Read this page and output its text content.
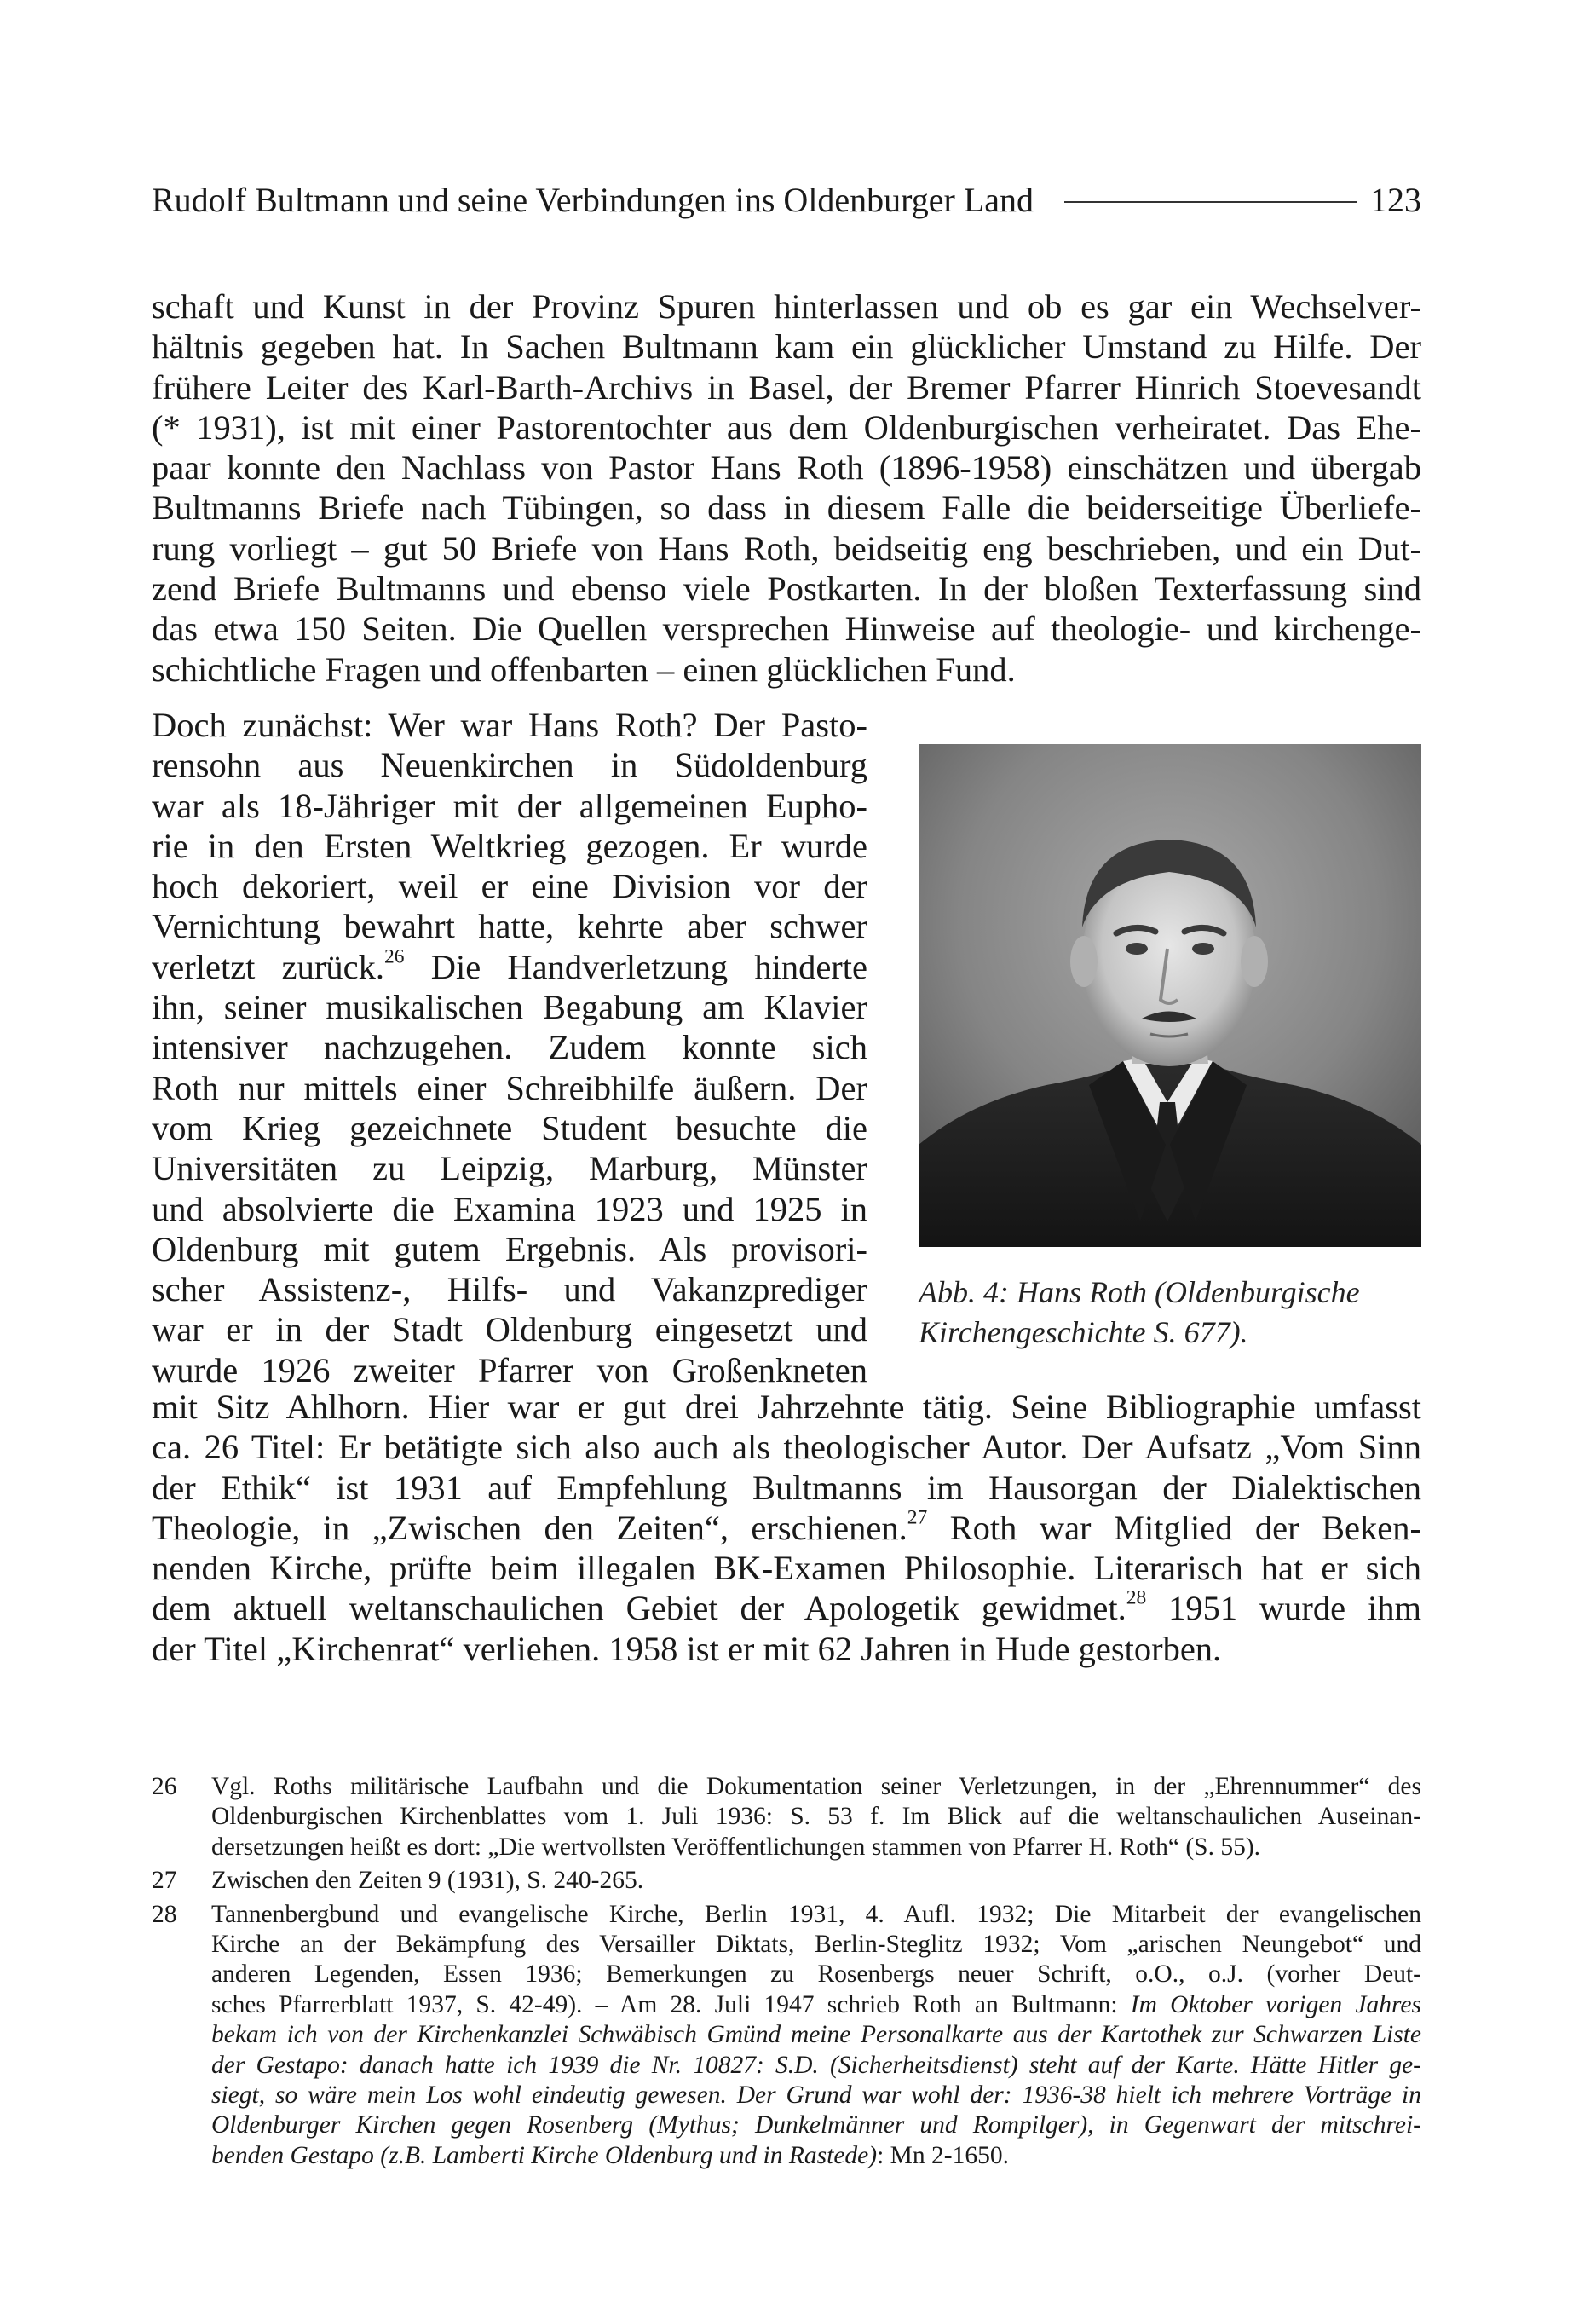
Rudolf Bultmann und seine Verbindungen ins Oldenburger Land	123
schaft und Kunst in der Provinz Spuren hinterlassen und ob es gar ein Wechselver-
hältnis gegeben hat. In Sachen Bultmann kam ein glücklicher Umstand zu Hilfe. Der
frühere Leiter des Karl-Barth-Archivs in Basel, der Bremer Pfarrer Hinrich Stoevesandt
(* 1931), ist mit einer Pastorentochter aus dem Oldenburgischen verheiratet. Das Ehe-
paar konnte den Nachlass von Pastor Hans Roth (1896-1958) einschätzen und übergab
Bultmanns Briefe nach Tübingen, so dass in diesem Falle die beiderseitige Überliefe-
rung vorliegt – gut 50 Briefe von Hans Roth, beidseitig eng beschrieben, und ein Dut-
zend Briefe Bultmanns und ebenso viele Postkarten. In der bloßen Texterfassung sind
das etwa 150 Seiten. Die Quellen versprechen Hinweise auf theologie- und kirchenge-
schichtliche Fragen und offenbarten – einen glücklichen Fund.
Doch zunächst: Wer war Hans Roth? Der Pasto-
rensohn aus Neuenkirchen in Südoldenburg
war als 18-Jähriger mit der allgemeinen Eupho-
rie in den Ersten Weltkrieg gezogen. Er wurde
hoch dekoriert, weil er eine Division vor der
Vernichtung bewahrt hatte, kehrte aber schwer
verletzt zurück.$^{26}$ Die Handverletzung hinderte
ihn, seiner musikalischen Begabung am Klavier
intensiver nachzugehen. Zudem konnte sich
Roth nur mittels einer Schreibhilfe äußern. Der
vom Krieg gezeichnete Student besuchte die
Universitäten zu Leipzig, Marburg, Münster
und absolvierte die Examina 1923 und 1925 in
Oldenburg mit gutem Ergebnis. Als provisori-
scher Assistenz-, Hilfs- und Vakanzprediger
war er in der Stadt Oldenburg eingesetzt und
wurde 1926 zweiter Pfarrer von Großenkneten
Abb. 4: Hans Roth (Oldenburgische
Kirchengeschichte S. 677).
mit Sitz Ahlhorn. Hier war er gut drei Jahrzehnte tätig. Seine Bibliographie umfasst
ca. 26 Titel: Er betätigte sich also auch als theologischer Autor. Der Aufsatz „Vom Sinn
der Ethik“ ist 1931 auf Empfehlung Bultmanns im Hausorgan der Dialektischen
Theologie, in „Zwischen den Zeiten“, erschienen.$^{27}$ Roth war Mitglied der Beken-
nenden Kirche, prüfte beim illegalen BK-Examen Philosophie. Literarisch hat er sich
dem aktuell weltanschaulichen Gebiet der Apologetik gewidmet.$^{28}$ 1951 wurde ihm
der Titel „Kirchenrat“ verliehen. 1958 ist er mit 62 Jahren in Hude gestorben.
26 Vgl. Roths militärische Laufbahn und die Dokumentation seiner Verletzungen, in der „Ehrennummer“ des
Oldenburgischen Kirchenblattes vom 1. Juli 1936: S. 53 f. Im Blick auf die weltanschaulichen Auseinan-
dersetzungen heißt es dort: „Die wertvollsten Veröffentlichungen stammen von Pfarrer H. Roth“ (S. 55).
27 Zwischen den Zeiten 9 (1931), S. 240-265.
28 Tannenbergbund und evangelische Kirche, Berlin 1931, 4. Aufl. 1932; Die Mitarbeit der evangelischen
Kirche an der Bekämpfung des Versailler Diktats, Berlin-Steglitz 1932; Vom „arischen Neungebot“ und
anderen Legenden, Essen 1936; Bemerkungen zu Rosenbergs neuer Schrift, o.O., o.J. (vorher Deut-
sches Pfarrerblatt 1937, S. 42-49). – Am 28. Juli 1947 schrieb Roth an Bultmann: Im Oktober vorigen Jahres
bekam ich von der Kirchenkanzlei Schwäbisch Gmünd meine Personalkarte aus der Kartothek zur Schwarzen Liste
der Gestapo: danach hatte ich 1939 die Nr. 10827: S.D. (Sicherheitsdienst) steht auf der Karte. Hätte Hitler ge-
siegt, so wäre mein Los wohl eindeutig gewesen. Der Grund war wohl der: 1936-38 hielt ich mehrere Vorträge in
Oldenburger Kirchen gegen Rosenberg (Mythus; Dunkelmänner und Rompilger), in Gegenwart der mitschrei-
benden Gestapo (z.B. Lamberti Kirche Oldenburg und in Rastede): Mn 2-1650.
